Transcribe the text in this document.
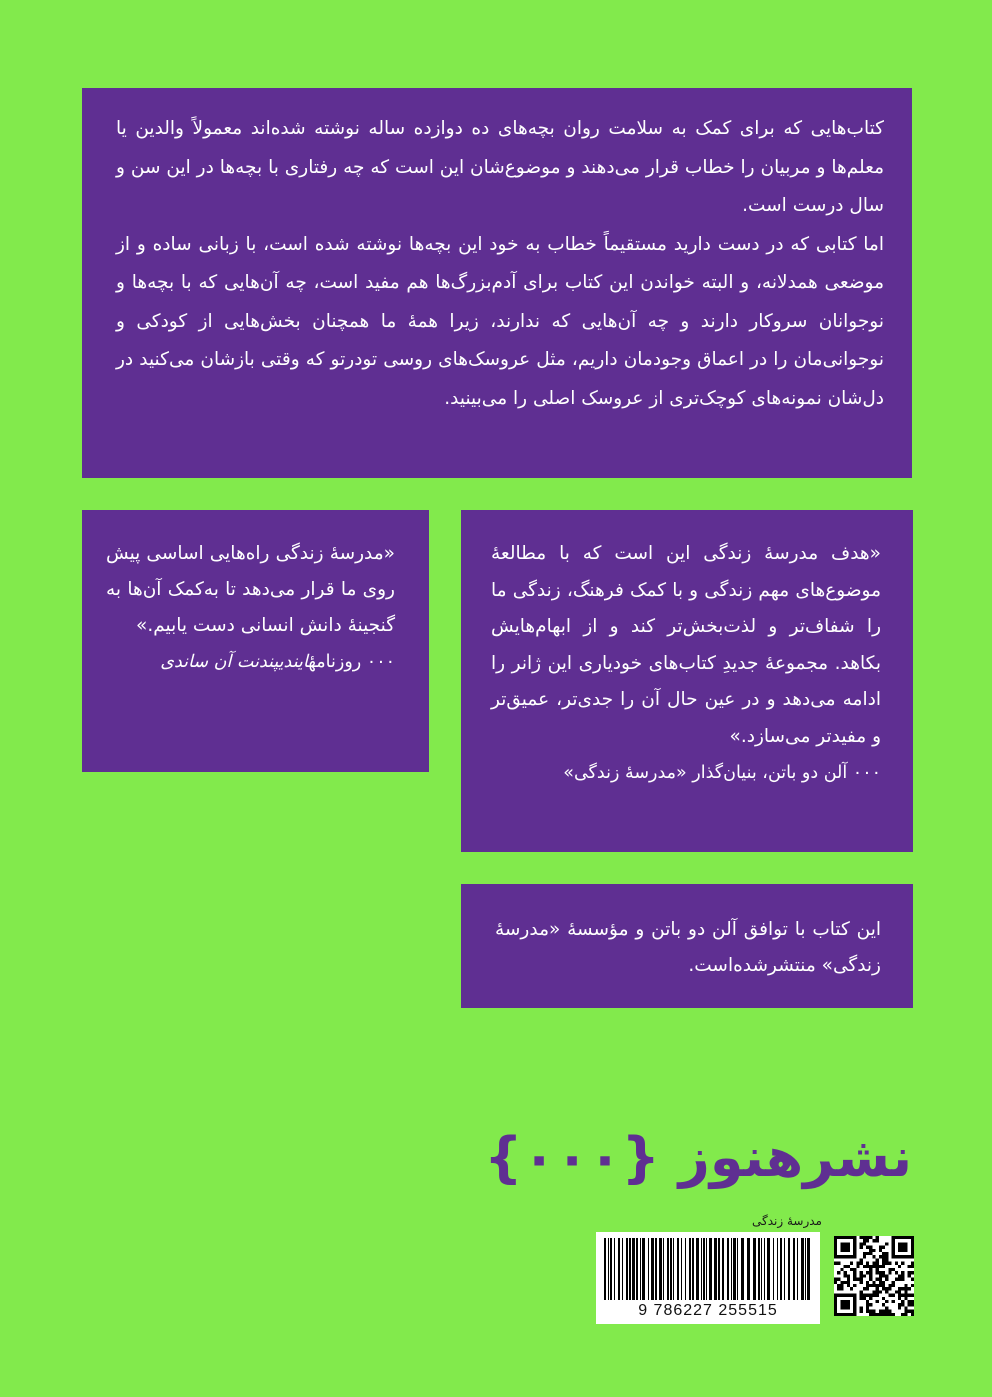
کتاب‌هایی که برای کمک به سلامت روان بچه‌های ده دوازده ساله نوشته شده‌اند معمولاً والدین یا معلم‌ها و مربیان را خطاب قرار می‌دهند و موضوع‌شان این است که چه رفتاری با بچه‌ها در این سن و سال درست است.

اما کتابی که در دست دارید مستقیماً خطاب به خود این بچه‌ها نوشته شده است، با زبانی ساده و از موضعی همدلانه، و البته خواندن این کتاب برای آدم‌بزرگ‌ها هم مفید است، چه آن‌هایی که با بچه‌ها و نوجوانان سروکار دارند و چه آن‌هایی که ندارند، زیرا همهٔ ما همچنان بخش‌هایی از کودکی و نوجوانی‌مان را در اعماق وجودمان داریم، مثل عروسک‌های روسی تودرتو که وقتی بازشان می‌کنید در دل‌شان نمونه‌های کوچک‌تری از عروسک اصلی را می‌بینید.

«مدرسهٔ زندگی راه‌هایی اساسی پیش روی ما قرار می‌دهد تا به‌کمک آن‌ها به گنجینهٔ دانش انسانی دست یابیم.»

٠٠٠ روزنامهٔایندیپندنت آن ساندی

«هدف مدرسهٔ زندگی این است که با مطالعهٔ موضوع‌های مهم زندگی و با کمک فرهنگ، زندگی ما را شفاف‌تر و لذت‌بخش‌تر کند و از ابهام‌هایش بکاهد. مجموعهٔ جدیدِ کتاب‌های خودیاری این ژانر را ادامه می‌دهد و در عین حال آن را جدی‌تر، عمیق‌تر و مفیدتر می‌سازد.»

٠٠٠ آلن دو باتن، بنیان‌گذار «مدرسهٔ زندگی»

این کتاب با توافق آلن دو باتن و مؤسسهٔ «مدرسهٔ زندگی» منتشرشده‌است.

نشرهنوز {٠٠٠}
مدرسهٔ زندگی
9 786227 255515
